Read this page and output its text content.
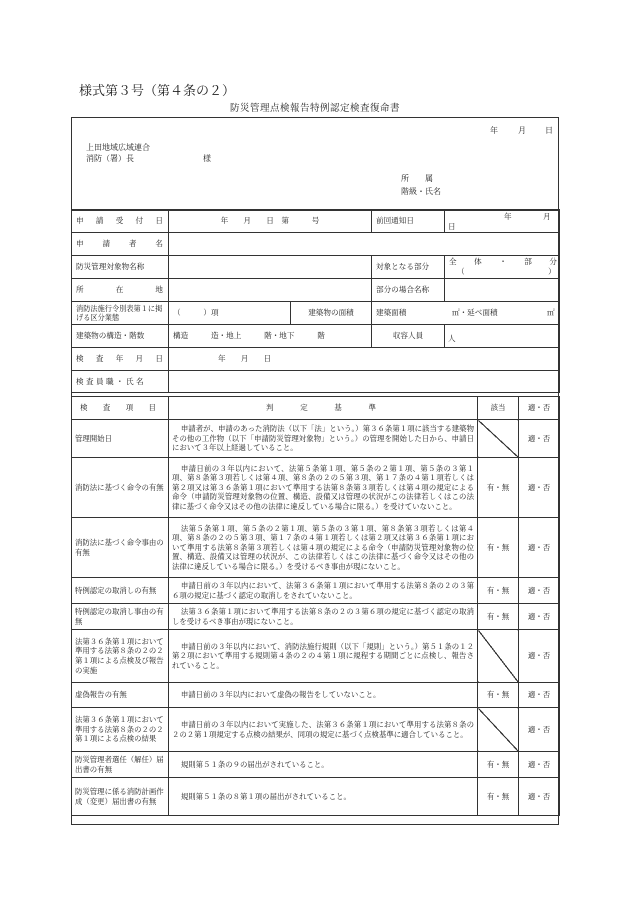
様式第３号（第４条の２）
防災管理点検報告特例認定検査復命書
年	月 日
上田地域広域連合
消防（署）長	様
所　　属
階級・氏名
申　請　受　付　日	年　　月　　日　第　　　号		前回通知日	年 月
日

申　　請　　者　　名				
防災管理対象物名称			対象となる部分	全　　体　　・　　部　　分
（　　　　　　　　　　　）

所　　　在　　　地			部分の場合名称	
消防法施行令別表第１に掲げる区分業態	（　　　）項	建築物の面積	建築面積 ㎡・延べ面積 ㎡	

建築物の構造・階数	構造　　　造・地上　　　階・地下　　　階		収容人員	人

検　査　年　月　日	年　　月　　日			
検 査 員 職 ・ 氏 名				
検　査　項　目	判　　定　　基　　準	該当	適・否
管理開始日	申請者が、申請のあった消防法（以下「法」という。）第３６条第１項に該当する建築物その他の工作物（以下「申請防災管理対象物」という。）の管理を開始した日から、申請日において３年以上経過していること。		適・否
消防法に基づく命令の有無	申請日前の３年以内において、法第５条第１項、第５条の２第１項、第５条の３第１項、第８条第３項若しくは第４項、第８条の２の５第３項、第１７条の４第１項若しくは第２項又は第３６条第１項において準用する法第８条第３項若しくは第４項の規定による命令（申請防災管理対象物の位置、構造、設備又は管理の状況がこの法律若しくはこの法律に基づく命令又はその他の法律に違反している場合に限る。）を受けていないこと。	有・無	適・否
消防法に基づく命令事由の有無	法第５条第１項、第５条の２第１項、第５条の３第１項、第８条第３項若しくは第４項、第８条の２の５第３項、第１７条の４第１項若しくは第２項又は第３６条第１項において準用する法第８条第３項若しくは第４項の規定による命令（申請防災管理対象物の位置、構造、設備又は管理の状況が、この法律若しくはこの法律に基づく命令又はその他の法律に違反している場合に限る。）を受けるべき事由が現にないこと。	有・無	適・否
特例認定の取消しの有無	申請日前の３年以内において、法第３６条第１項において準用する法第８条の２の３第６項の規定に基づく認定の取消しをされていないこと。	有・無	適・否
特例認定の取消し事由の有無	法第３６条第１項において準用する法第８条の２の３第６項の規定に基づく認定の取消しを受けるべき事由が現にないこと。	有・無	適・否
法第３６条第１項において準用する法第８条の２の２第１項による点検及び報告の実施	申請日前の３年以内において、消防法施行規則（以下「規則」という。）第５１条の１２第２項において準用する規則第４条の２の４第１項に規程する期間ごとに点検し、報告されていること。		適・否
虚偽報告の有無	申請日前の３年以内において虚偽の報告をしていないこと。	有・無	適・否
法第３６条第１項において準用する法第８条の２の２第１項による点検の結果	申請日前の３年以内において実施した、法第３６条第１項において準用する法第８条の２の２第１項規定する点検の結果が、同項の規定に基づく点検基準に適合していること。		適・否
防災管理者選任（解任）届出書の有無	規則第５１条の９の届出がされていること。	有・無	適・否
防災管理に係る消防計画作成（変更）届出書の有無	規則第５１条の８第１項の届出がされていること。	有・無	適・否
